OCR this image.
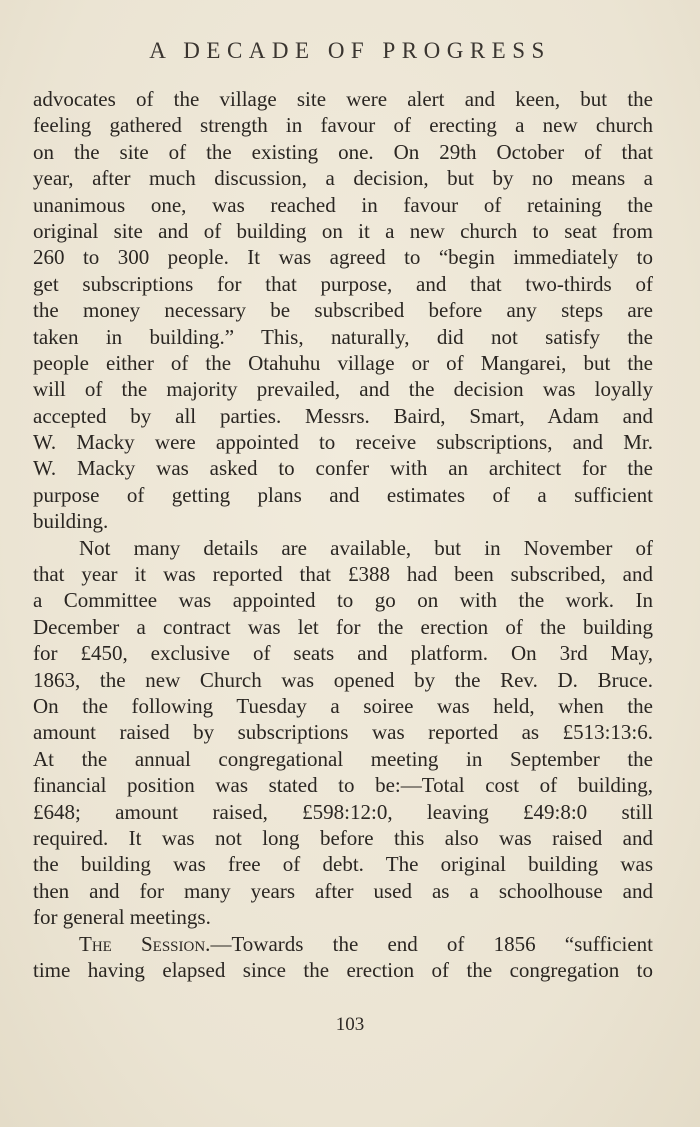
A DECADE OF PROGRESS
advocates of the village site were alert and keen, but the
feeling gathered strength in favour of erecting a new church
on the site of the existing one. On 29th October of that
year, after much discussion, a decision, but by no means a
unanimous one, was reached in favour of retaining the
original site and of building on it a new church to seat from
260 to 300 people. It was agreed to “begin immediately to
get subscriptions for that purpose, and that two-thirds of
the money necessary be subscribed before any steps are
taken in building.” This, naturally, did not satisfy the
people either of the Otahuhu village or of Mangarei, but the
will of the majority prevailed, and the decision was loyally
accepted by all parties. Messrs. Baird, Smart, Adam and
W. Macky were appointed to receive subscriptions, and Mr.
W. Macky was asked to confer with an architect for the
purpose of getting plans and estimates of a sufficient
building.
Not many details are available, but in November of
that year it was reported that £388 had been subscribed, and
a Committee was appointed to go on with the work. In
December a contract was let for the erection of the building
for £450, exclusive of seats and platform. On 3rd May,
1863, the new Church was opened by the Rev. D. Bruce.
On the following Tuesday a soiree was held, when the
amount raised by subscriptions was reported as £513:13:6.
At the annual congregational meeting in September the
financial position was stated to be:—Total cost of building,
£648; amount raised, £598:12:0, leaving £49:8:0 still
required. It was not long before this also was raised and
the building was free of debt. The original building was
then and for many years after used as a schoolhouse and
for general meetings.
The Session.—Towards the end of 1856 “sufficient
time having elapsed since the erection of the congregation to
103
